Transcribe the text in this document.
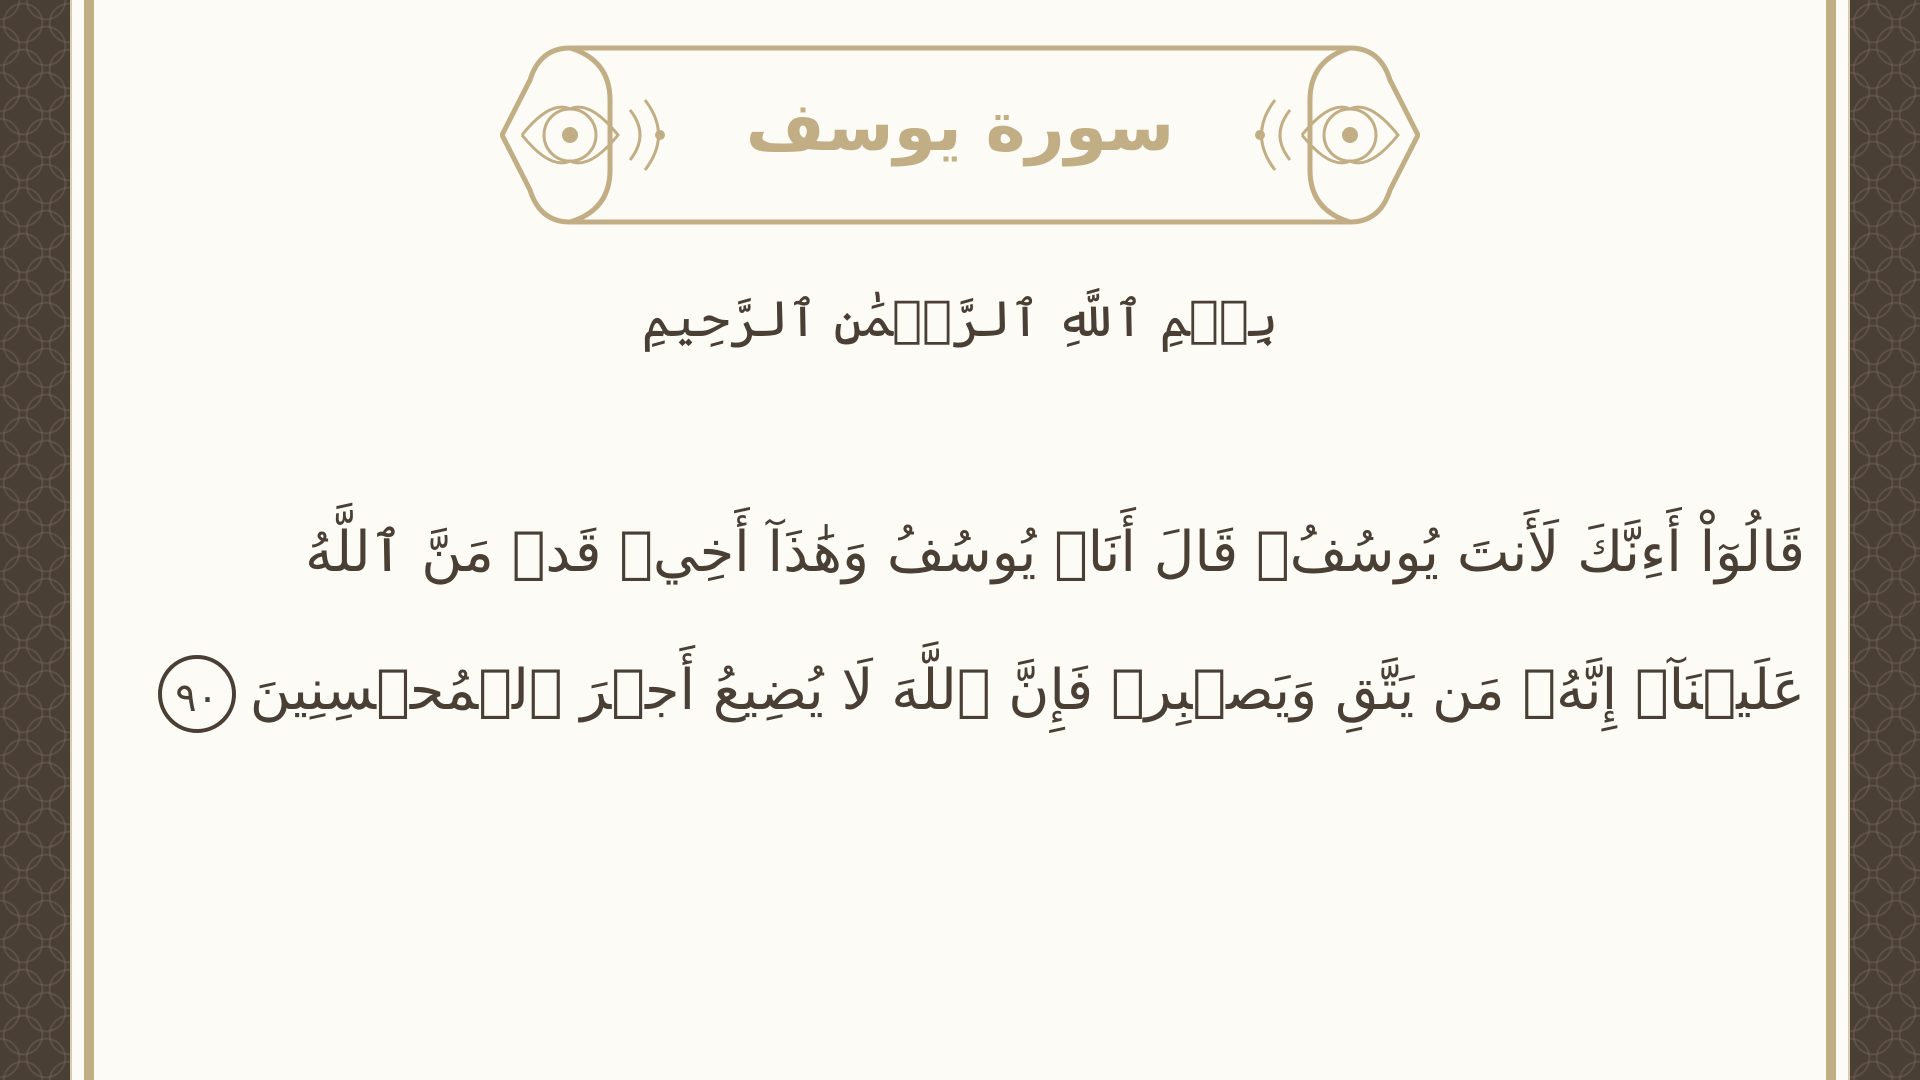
سورة يوسف
بِسۡمِ ٱللَّهِ ٱلرَّحۡمَٰنِ ٱلرَّحِيمِ
قَالُوٓاْ أَءِنَّكَ لَأَنتَ يُوسُفُۖ قَالَ أَنَا۠ يُوسُفُ وَهَٰذَآ أَخِيۖ قَدۡ مَنَّ ٱللَّهُ
عَلَيۡنَآۖ إِنَّهُۥ مَن يَتَّقِ وَيَصۡبِرۡ فَإِنَّ ٱللَّهَ لَا يُضِيعُ أَجۡرَ ٱلۡمُحۡسِنِينَ٩٠
